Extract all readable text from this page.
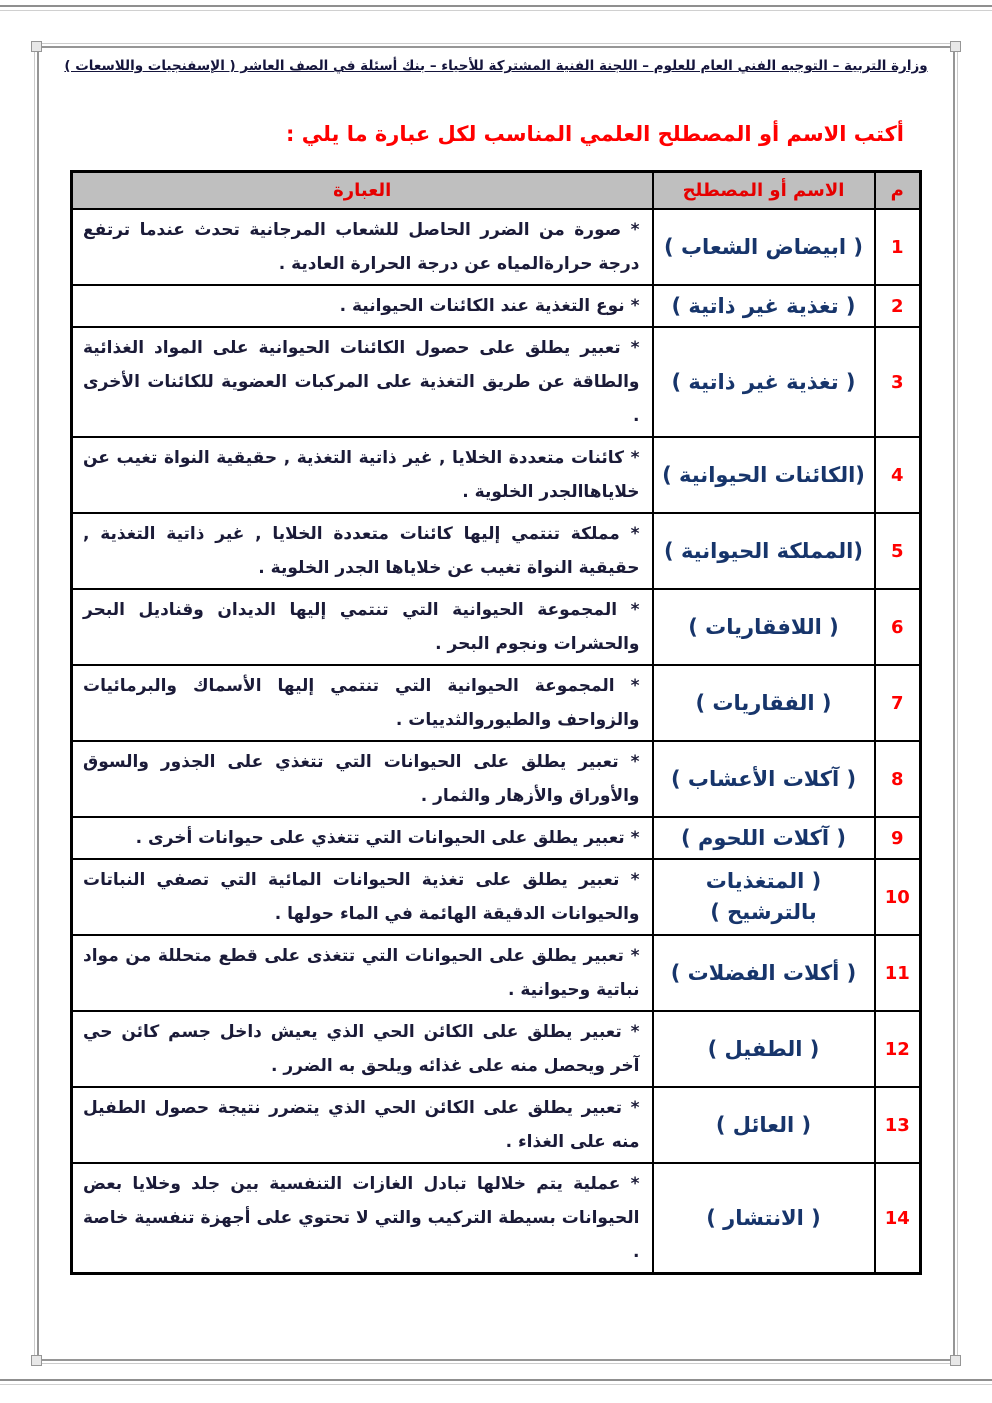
وزارة التربية – التوجيه الفني العام للعلوم – اللجنة الفنية المشتركة للأحياء – بنك أسئلة في الصف العاشر ( الإسفنجيات واللاسعات )
أكتب الاسم أو المصطلح العلمي المناسب لكل عبارة ما يلي :
م	الاسم أو المصطلح	العبارة
1	( ابيضاض الشعاب )	* صورة من الضرر الحاصل للشعاب المرجانية تحدث عندما ترتفع درجة حرارةالمياه عن درجة الحرارة العادية .
2	( تغذية غير ذاتية )	* نوع التغذية عند الكائنات الحيوانية .
3	( تغذية غير ذاتية )	* تعبير يطلق على حصول الكائنات الحيوانية على المواد الغذائية والطاقة عن طريق التغذية على المركبات العضوية للكائنات الأخرى .
4	(الكائنات الحيوانية )	* كائنات متعددة الخلايا , غير ذاتية التغذية , حقيقية النواة تغيب عن خلاياهاالجدر الخلوية .
5	(المملكة الحيوانية )	* مملكة تنتمي إليها كائنات متعددة الخلايا , غير ذاتية التغذية , حقيقية النواة تغيب عن خلاياها الجدر الخلوية .
6	( اللافقاريات )	* المجموعة الحيوانية التي تنتمي إليها الديدان وقناديل البحر والحشرات ونجوم البحر .
7	( الفقاريات )	* المجموعة الحيوانية التي تنتمي إليها الأسماك والبرمائيات والزواحف والطيوروالثدييات .
8	( آكلات الأعشاب )	* تعبير يطلق على الحيوانات التي تتغذي على الجذور والسوق والأوراق والأزهار والثمار .
9	( آكلات اللحوم )	* تعبير يطلق على الحيوانات التي تتغذي على حيوانات أخرى .
10	( المتغذيات بالترشيح )	* تعبير يطلق على تغذية الحيوانات المائية التي تصفي النباتات والحيوانات الدقيقة الهائمة في الماء حولها .
11	( أكلات الفضلات )	* تعبير يطلق على الحيوانات التي تتغذى على قطع متحللة من مواد نباتية وحيوانية .
12	( الطفيل )	* تعبير يطلق على الكائن الحي الذي يعيش داخل جسم كائن حي آخر ويحصل منه على غذائه ويلحق به الضرر .
13	( العائل )	* تعبير يطلق على الكائن الحي الذي يتضرر نتيجة حصول الطفيل منه على الغذاء .
14	( الانتشار )	* عملية يتم خلالها تبادل الغازات التنفسية بين جلد وخلايا بعض الحيوانات بسيطة التركيب والتي لا تحتوي على أجهزة تنفسية خاصة .
